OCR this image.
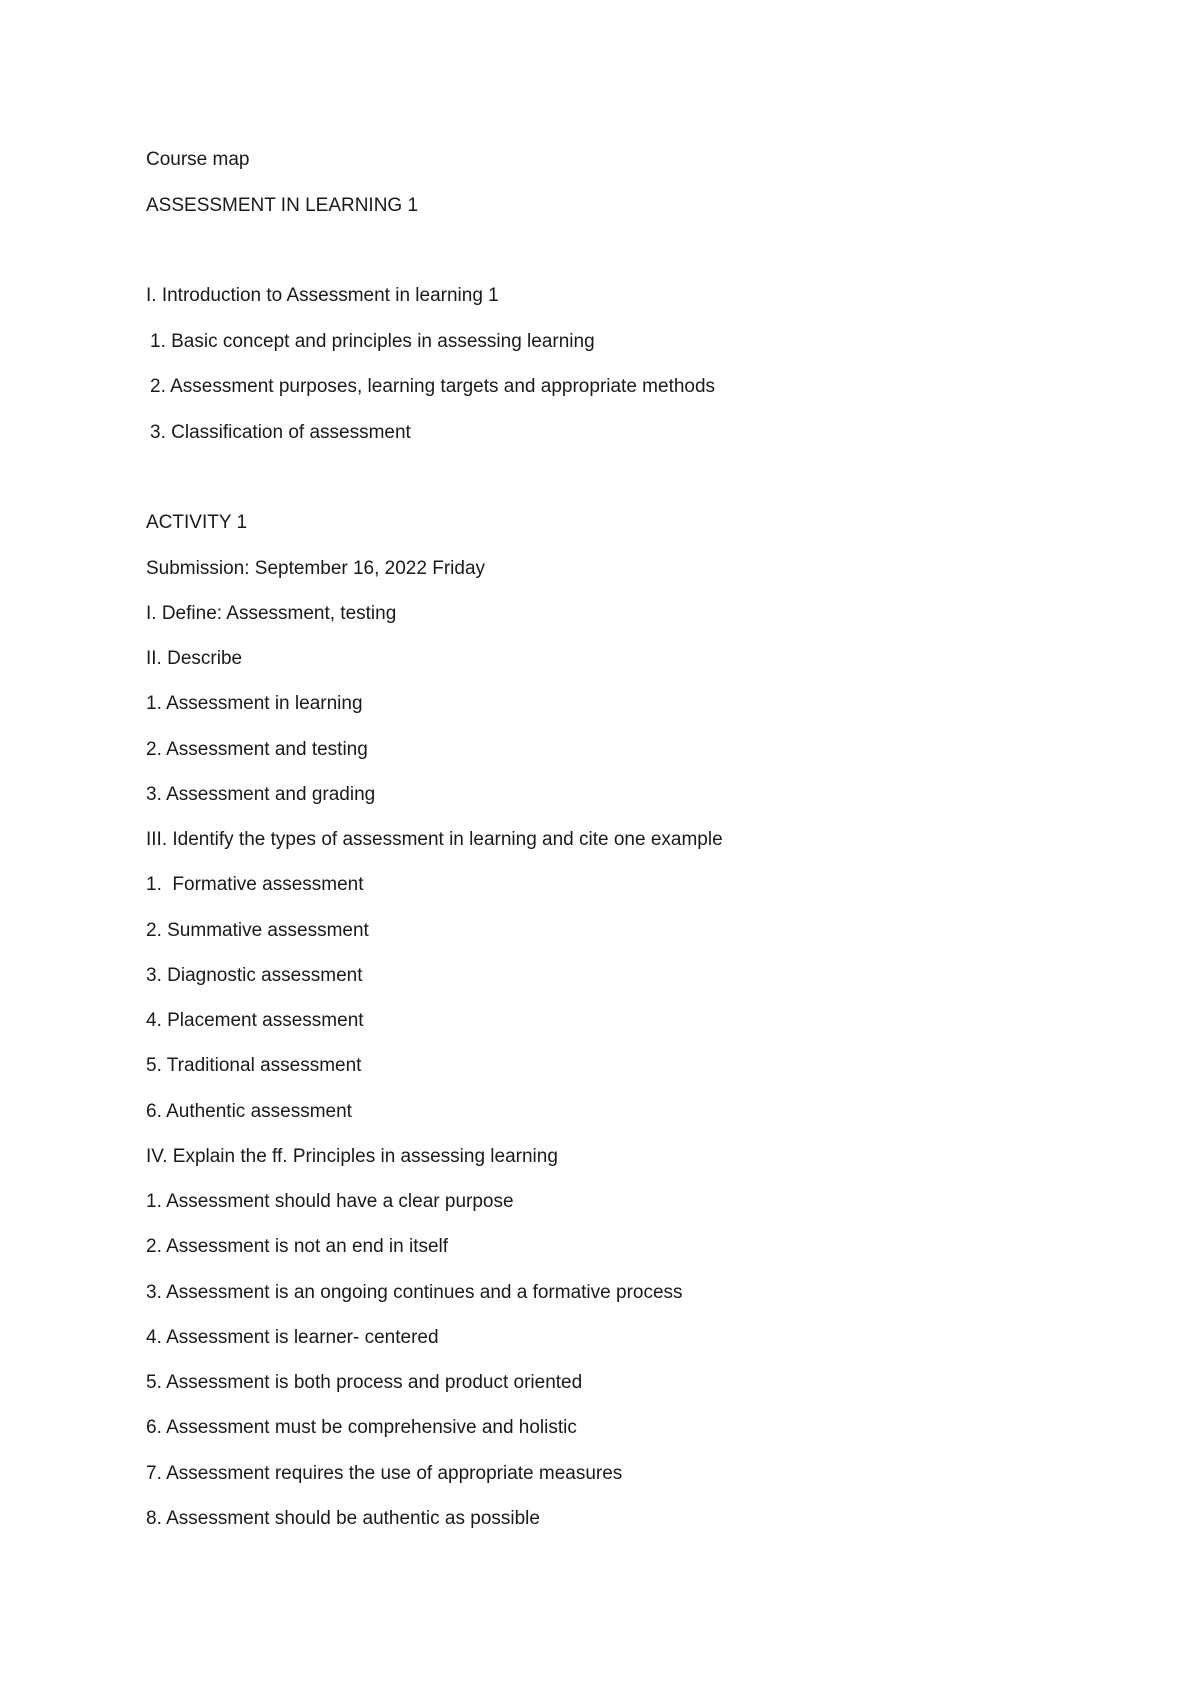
Course map

ASSESSMENT IN LEARNING 1

I. Introduction to Assessment in learning 1

1. Basic concept and principles in assessing learning

2. Assessment purposes, learning targets and appropriate methods

3. Classification of assessment

ACTIVITY 1

Submission: September 16, 2022 Friday

I. Define: Assessment, testing

II. Describe

1. Assessment in learning

2. Assessment and testing

3. Assessment and grading

III. Identify the types of assessment in learning and cite one example

1.  Formative assessment

2. Summative assessment

3. Diagnostic assessment

4. Placement assessment

5. Traditional assessment

6. Authentic assessment

IV. Explain the ff. Principles in assessing learning

1. Assessment should have a clear purpose

2. Assessment is not an end in itself

3. Assessment is an ongoing continues and a formative process

4. Assessment is learner- centered

5. Assessment is both process and product oriented

6. Assessment must be comprehensive and holistic

7. Assessment requires the use of appropriate measures

8. Assessment should be authentic as possible
